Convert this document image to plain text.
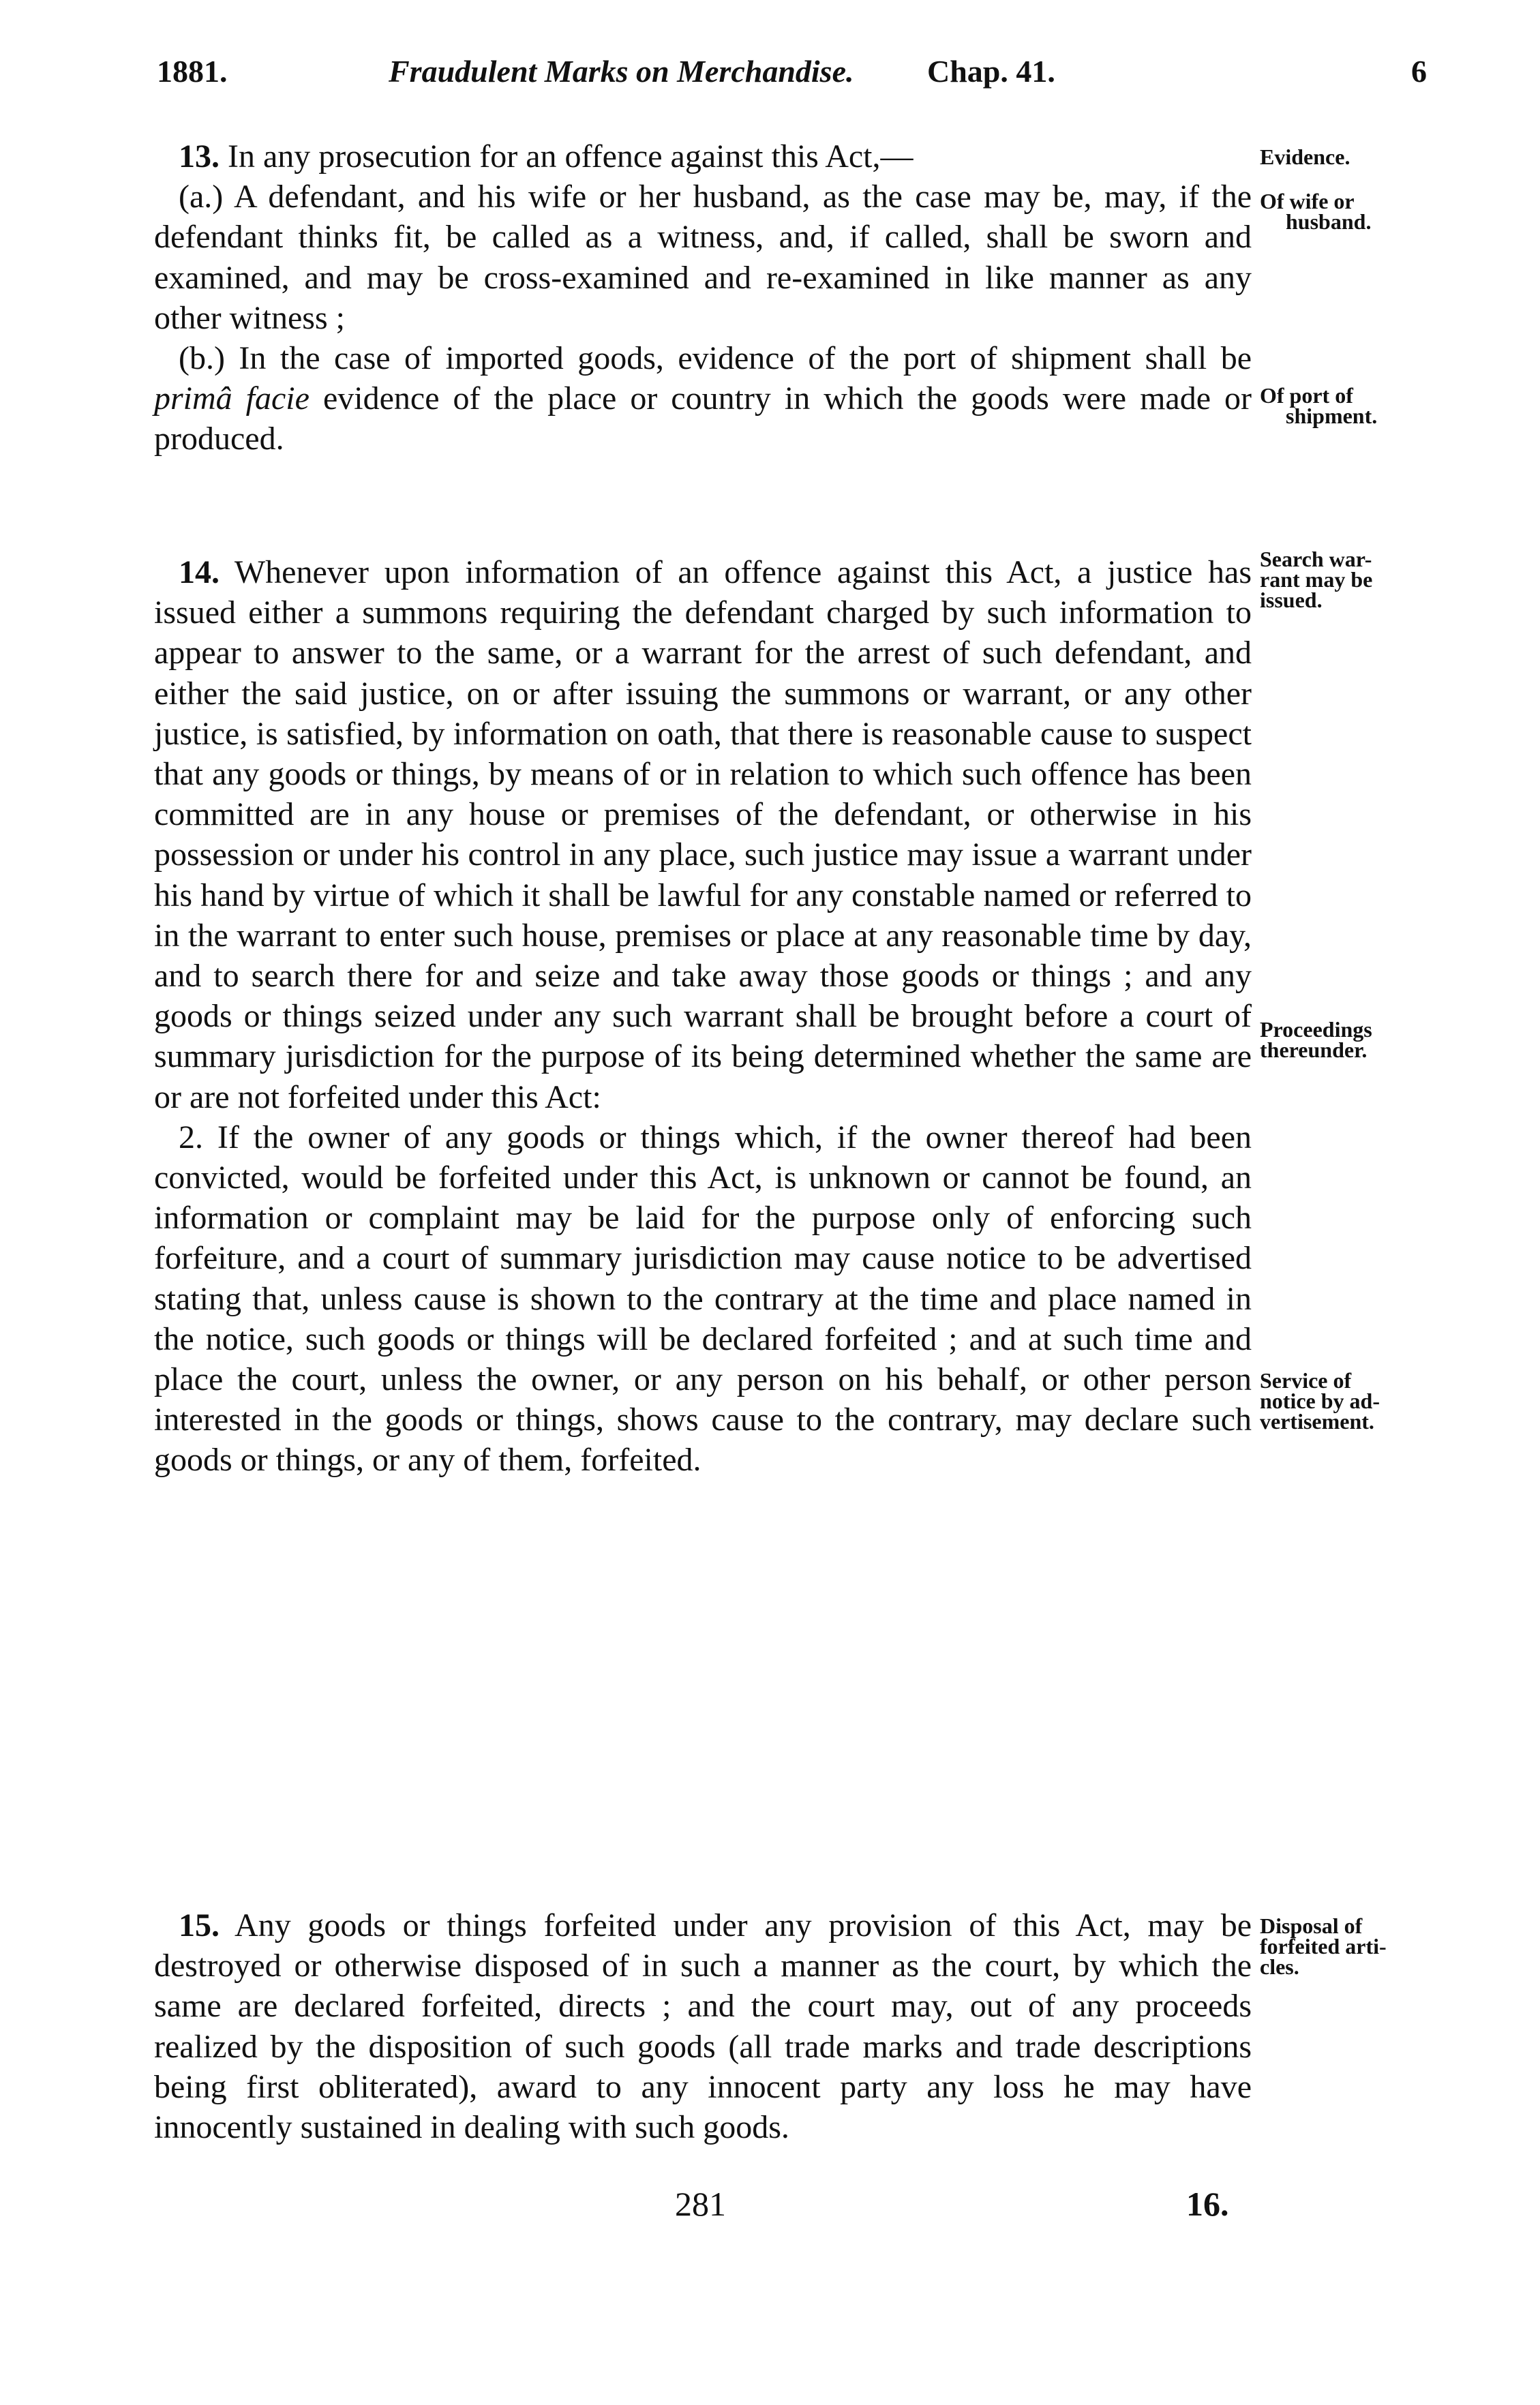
1881.	Fraudulent Marks on Merchandise. Chap. 41.	6

13. In any prosecution for an offence against this Act,—

(a.) A defendant, and his wife or her husband, as the case may be, may, if the defendant thinks fit, be called as a witness, and, if called, shall be sworn and examined, and may be cross-examined and re-examined in like manner as any other witness ;

(b.) In the case of imported goods, evidence of the port of shipment shall be primâ facie evidence of the place or country in which the goods were made or produced.

14. Whenever upon information of an offence against this Act, a justice has issued either a summons requiring the defendant charged by such information to appear to answer to the same, or a warrant for the arrest of such defendant, and either the said justice, on or after issuing the summons or warrant, or any other justice, is satisfied, by information on oath, that there is reasonable cause to suspect that any goods or things, by means of or in relation to which such offence has been committed are in any house or premises of the defendant, or otherwise in his possession or under his control in any place, such justice may issue a warrant under his hand by virtue of which it shall be lawful for any constable named or referred to in the warrant to enter such house, premises or place at any reasonable time by day, and to search there for and seize and take away those goods or things ; and any goods or things seized under any such warrant shall be brought before a court of summary jurisdiction for the purpose of its being determined whether the same are or are not forfeited under this Act:

2. If the owner of any goods or things which, if the owner thereof had been convicted, would be forfeited under this Act, is unknown or cannot be found, an information or complaint may be laid for the purpose only of enforcing such forfeiture, and a court of summary jurisdiction may cause notice to be advertised stating that, unless cause is shown to the contrary at the time and place named in the notice, such goods or things will be declared forfeited ; and at such time and place the court, unless the owner, or any person on his behalf, or other person interested in the goods or things, shows cause to the contrary, may declare such goods or things, or any of them, forfeited.

15. Any goods or things forfeited under any provision of this Act, may be destroyed or otherwise disposed of in such a manner as the court, by which the same are declared forfeited, directs ; and the court may, out of any proceeds realized by the disposition of such goods (all trade marks and trade descriptions being first obliterated), award to any innocent party any loss he may have innocently sustained in dealing with such goods.

Evidence.
Of wife or
husband.
Of port of
shipment.
Search war-
rant may be
issued.
Proceedings
thereunder.
Service of
notice by ad-
vertisement.
Disposal of
forfeited arti-
cles.
281	16.
